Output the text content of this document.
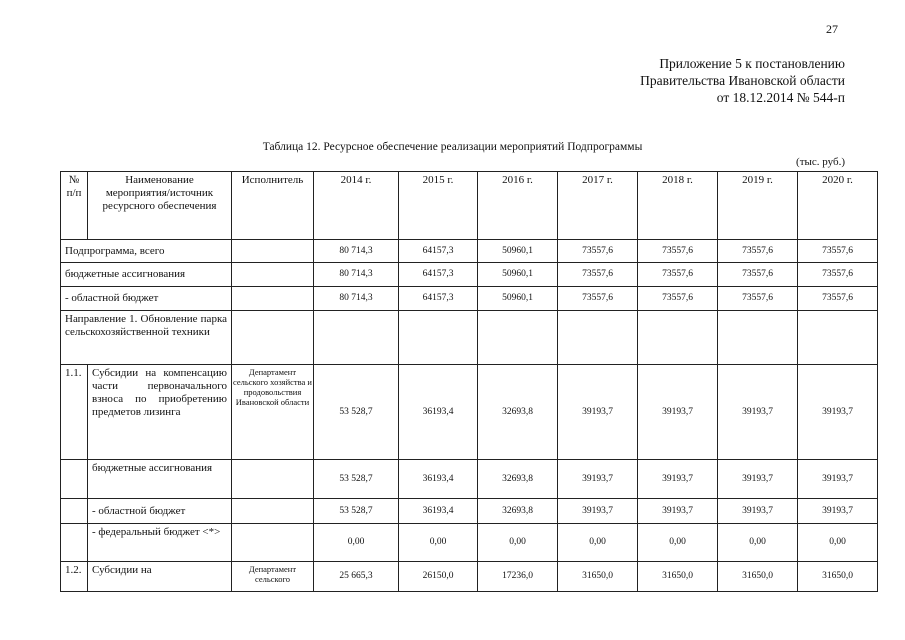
27
Приложение 5 к постановлению
Правительства Ивановской области
от 18.12.2014 № 544-п
Таблица 12. Ресурсное обеспечение реализации мероприятий Подпрограммы
(тыс. руб.)
№ п/п	Наименование мероприятия/источник ресурсного обеспечения	Исполнитель	2014 г.	2015 г.	2016 г.	2017 г.	2018 г.	2019 г.	2020 г.
Подпрограмма, всего			80 714,3	64157,3	50960,1	73557,6	73557,6	73557,6	73557,6
бюджетные ассигнования			80 714,3	64157,3	50960,1	73557,6	73557,6	73557,6	73557,6
- областной бюджет			80 714,3	64157,3	50960,1	73557,6	73557,6	73557,6	73557,6
Направление 1. Обновление парка сельскохозяйственной техники									
1.1.	Субсидии на компенсацию части первоначального взноса по приобретению предметов лизинга	Департамент сельского хозяйства и продовольствия Ивановской области	53 528,7	36193,4	32693,8	39193,7	39193,7	39193,7	39193,7
	бюджетные ассигнования		53 528,7	36193,4	32693,8	39193,7	39193,7	39193,7	39193,7
	- областной бюджет		53 528,7	36193,4	32693,8	39193,7	39193,7	39193,7	39193,7
	- федеральный бюджет <*>		0,00	0,00	0,00	0,00	0,00	0,00	0,00
1.2.	Субсидии на	Департамент сельского	25 665,3	26150,0	17236,0	31650,0	31650,0	31650,0	31650,0
